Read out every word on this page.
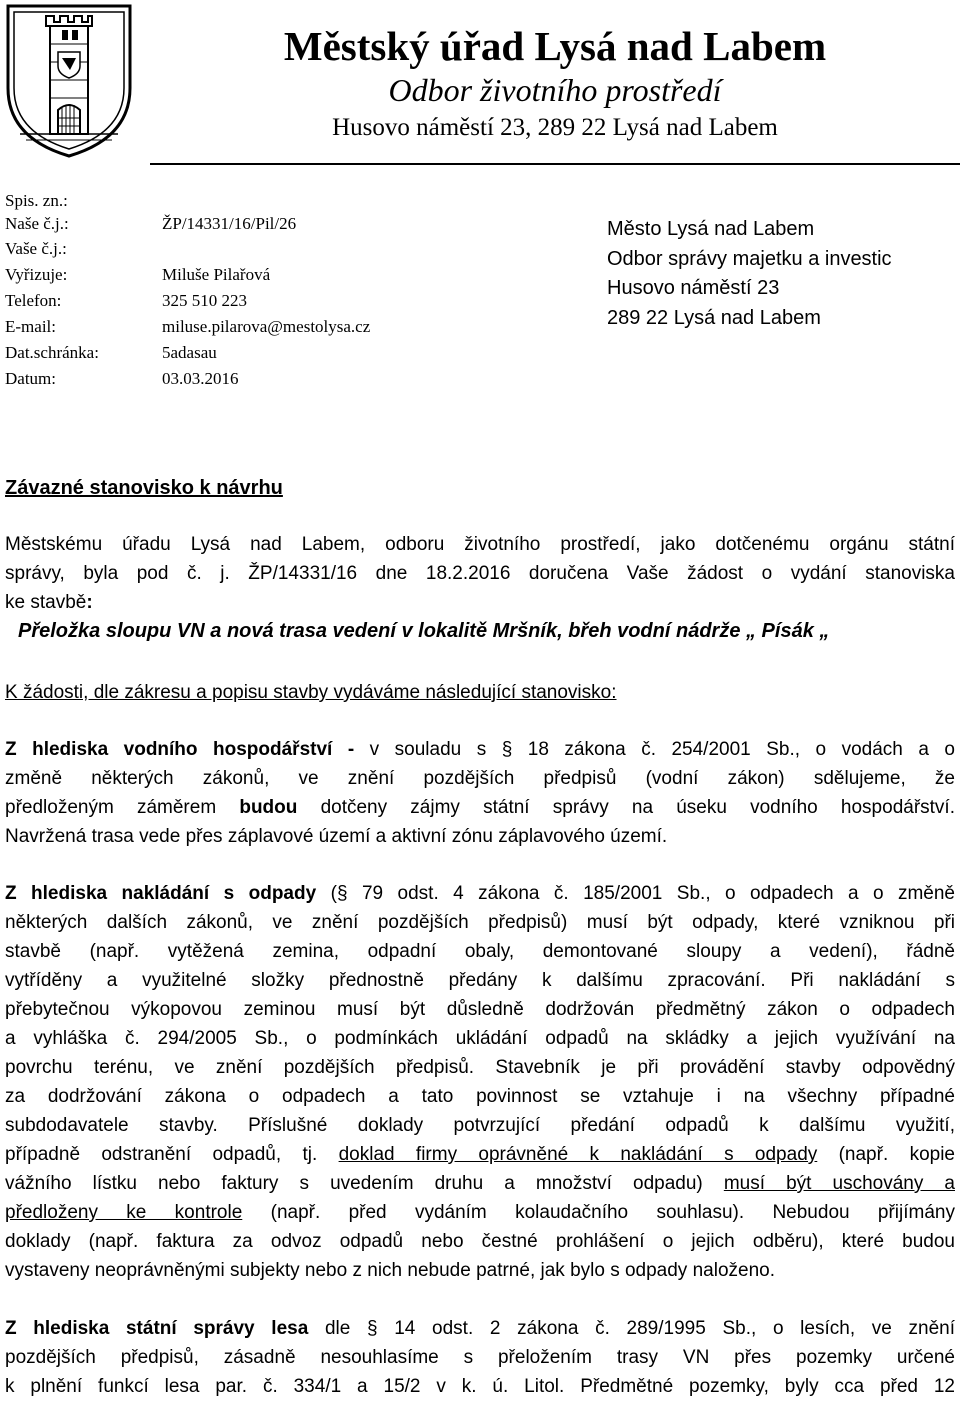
Městský úřad Lysá nad Labem
Odbor životního prostředí
Husovo náměstí 23, 289 22 Lysá nad Labem
Spis. zn.:
Naše č.j.:	ŽP/14331/16/Pil/26
Vaše č.j.:
Vyřizuje:	Miluše Pilařová
Telefon:	325 510 223
E-mail:	miluse.pilarova@mestolysa.cz
Dat.schránka:	5adasau
Datum:	03.03.2016
Město Lysá nad Labem
Odbor správy majetku a investic
Husovo náměstí 23
289 22 Lysá nad Labem
Závazné stanovisko k návrhu
Městskému úřadu Lysá nad Labem, odboru životního prostředí, jako dotčenému orgánu státní
správy, byla pod č. j. ŽP/14331/16 dne 18.2.2016 doručena Vaše žádost o vydání stanoviska
ke stavbě:
Přeložka sloupu VN a nová trasa vedení v lokalitě Mršník, břeh vodní nádrže „ Písák „
K žádosti, dle zákresu a popisu stavby vydáváme následující stanovisko:
Z hlediska vodního hospodářství - v souladu s § 18 zákona č. 254/2001 Sb., o vodách a o
změně některých zákonů, ve znění pozdějších předpisů (vodní zákon) sdělujeme, že
předloženým záměrem budou dotčeny zájmy státní správy na úseku vodního hospodářství.
Navržená trasa vede přes záplavové území a aktivní zónu záplavového území.
Z hlediska nakládání s odpady (§ 79 odst. 4 zákona č. 185/2001 Sb., o odpadech a o změně
některých dalších zákonů, ve znění pozdějších předpisů) musí být odpady, které vzniknou při
stavbě (např. vytěžená zemina, odpadní obaly, demontované sloupy a vedení), řádně
vytříděny a využitelné složky přednostně předány k dalšímu zpracování. Při nakládání s
přebytečnou výkopovou zeminou musí být důsledně dodržován předmětný zákon o odpadech
a vyhláška č. 294/2005 Sb., o podmínkách ukládání odpadů na skládky a jejich využívání na
povrchu terénu, ve znění pozdějších předpisů. Stavebník je při provádění stavby odpovědný
za dodržování zákona o odpadech a tato povinnost se vztahuje i na všechny případné
subdodavatele stavby. Příslušné doklady potvrzující předání odpadů k dalšímu využití,
případně odstranění odpadů, tj. doklad firmy oprávněné k nakládání s odpady (např. kopie
vážního lístku nebo faktury s uvedením druhu a množství odpadu) musí být uschovány a
předloženy ke kontrole (např. před vydáním kolaudačního souhlasu). Nebudou přijímány
doklady (např. faktura za odvoz odpadů nebo čestné prohlášení o jejich odběru), které budou
vystaveny neoprávněnými subjekty nebo z nich nebude patrné, jak bylo s odpady naloženo.
Z hlediska státní správy lesa dle § 14 odst. 2 zákona č. 289/1995 Sb., o lesích, ve znění
pozdějších předpisů, zásadně nesouhlasíme s přeložením trasy VN přes pozemky určené
k plnění funkcí lesa par. č. 334/1 a 15/2 v k. ú. Litol. Předmětné pozemky, byly cca před 12
